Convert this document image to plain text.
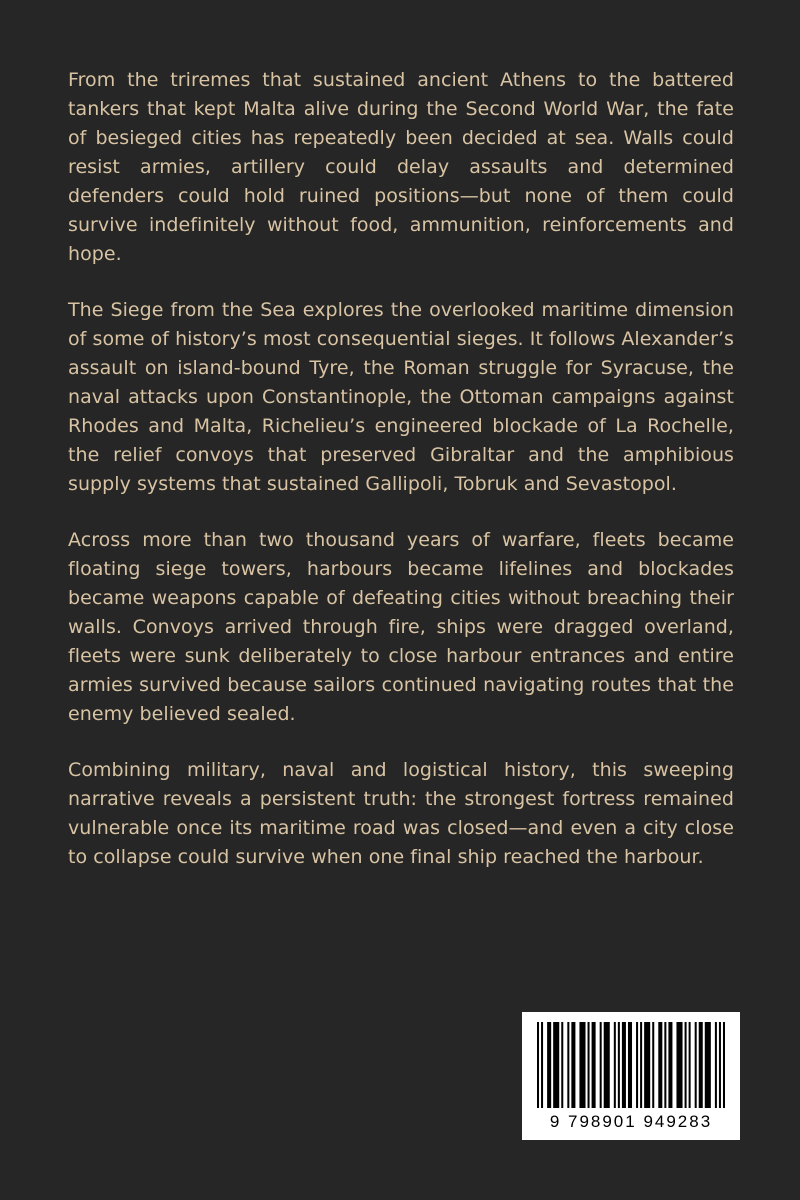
From the triremes that sustained ancient Athens to the battered tankers that kept Malta alive during the Second World War, the fate of besieged cities has repeatedly been decided at sea. Walls could resist armies, artillery could delay assaults and determined defenders could hold ruined positions—but none of them could survive indefinitely without food, ammunition, reinforcements and hope.

The Siege from the Sea explores the overlooked maritime dimension of some of history’s most consequential sieges. It follows Alexander’s assault on island-bound Tyre, the Roman struggle for Syracuse, the naval attacks upon Constantinople, the Ottoman campaigns against Rhodes and Malta, Richelieu’s engineered blockade of La Rochelle, the relief convoys that preserved Gibraltar and the amphibious supply systems that sustained Gallipoli, Tobruk and Sevastopol.

Across more than two thousand years of warfare, fleets became floating siege towers, harbours became lifelines and blockades became weapons capable of defeating cities without breaching their walls. Convoys arrived through fire, ships were dragged overland, fleets were sunk deliberately to close harbour entrances and entire armies survived because sailors continued navigating routes that the enemy believed sealed.

Combining military, naval and logistical history, this sweeping narrative reveals a persistent truth: the strongest fortress remained vulnerable once its maritime road was closed—and even a city close to collapse could survive when one final ship reached the harbour.

9 798901 949283
